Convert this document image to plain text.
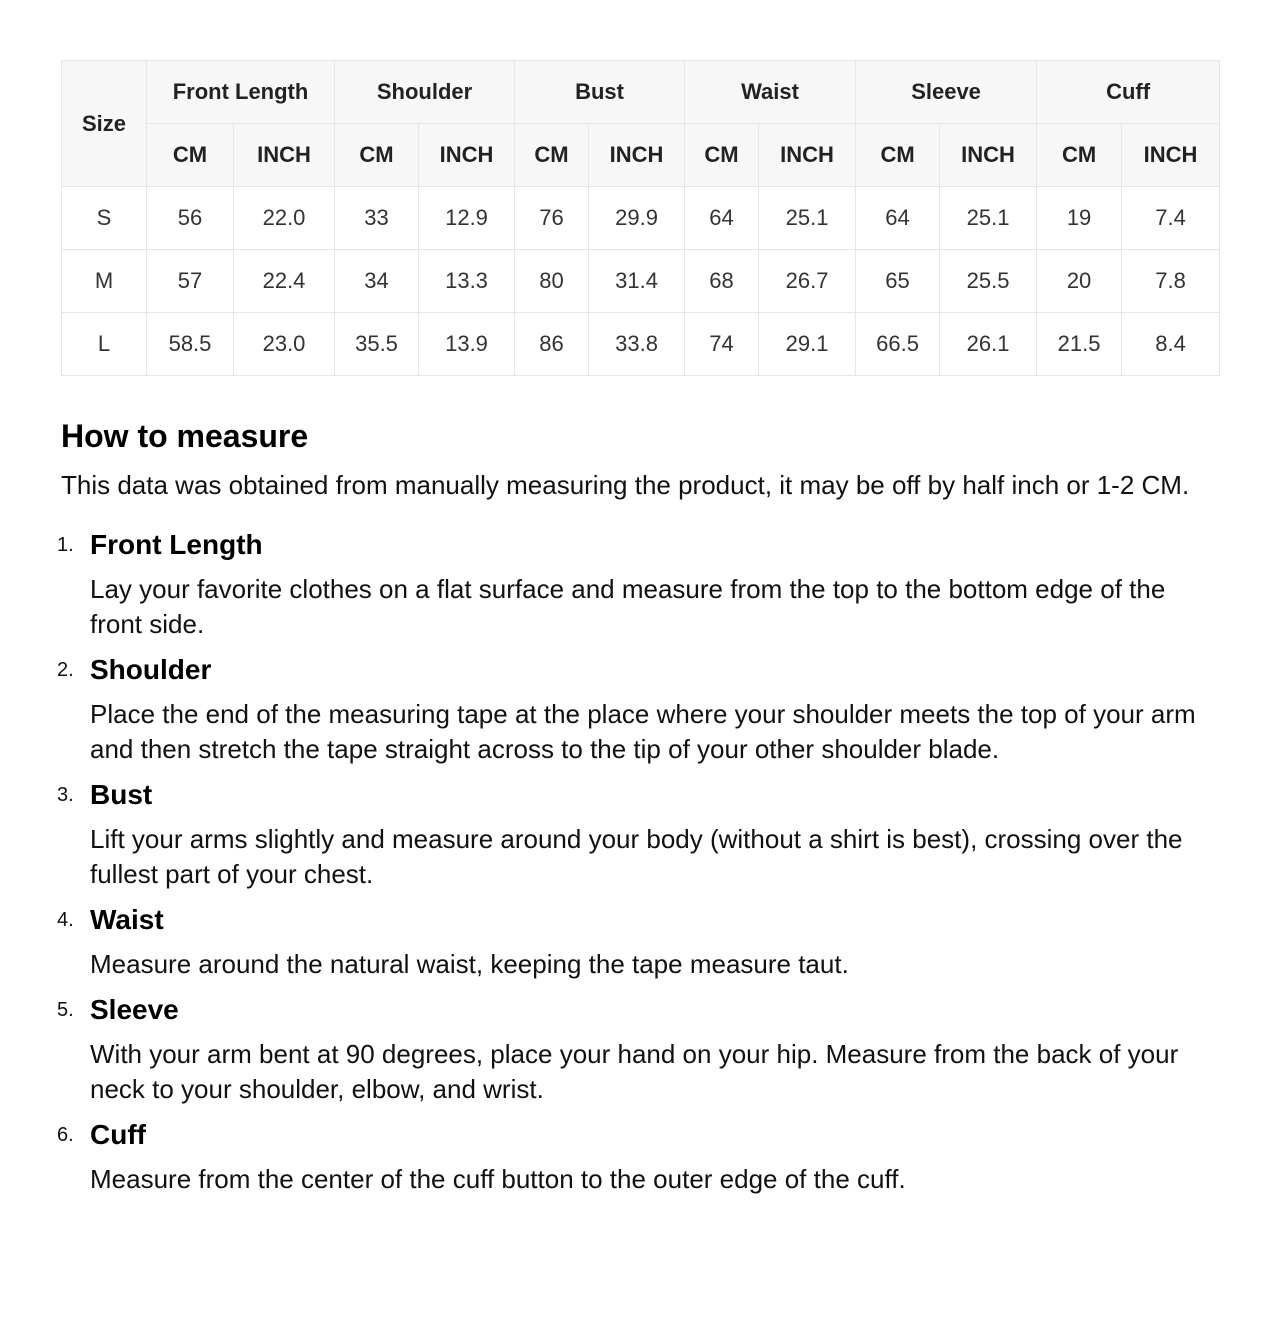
Size	Front Length		Shoulder		Bust		Waist		Sleeve		Cuff	
	CM	INCH	CM	INCH	CM	INCH	CM	INCH	CM	INCH	CM	INCH
S	56	22.0	33	12.9	76	29.9	64	25.1	64	25.1	19	7.4
M	57	22.4	34	13.3	80	31.4	68	26.7	65	25.5	20	7.8
L	58.5	23.0	35.5	13.9	86	33.8	74	29.1	66.5	26.1	21.5	8.4
How to measure

This data was obtained from manually measuring the product, it may be off by half inch or 1-2 CM.

1. Front Length
Lay your favorite clothes on a flat surface and measure from the top to the bottom edge of the front side.
2. Shoulder
Place the end of the measuring tape at the place where your shoulder meets the top of your arm and then stretch the tape straight across to the tip of your other shoulder blade.
3. Bust
Lift your arms slightly and measure around your body (without a shirt is best), crossing over the fullest part of your chest.
4. Waist
Measure around the natural waist, keeping the tape measure taut.
5. Sleeve
With your arm bent at 90 degrees, place your hand on your hip. Measure from the back of your neck to your shoulder, elbow, and wrist.
6. Cuff
Measure from the center of the cuff button to the outer edge of the cuff.
